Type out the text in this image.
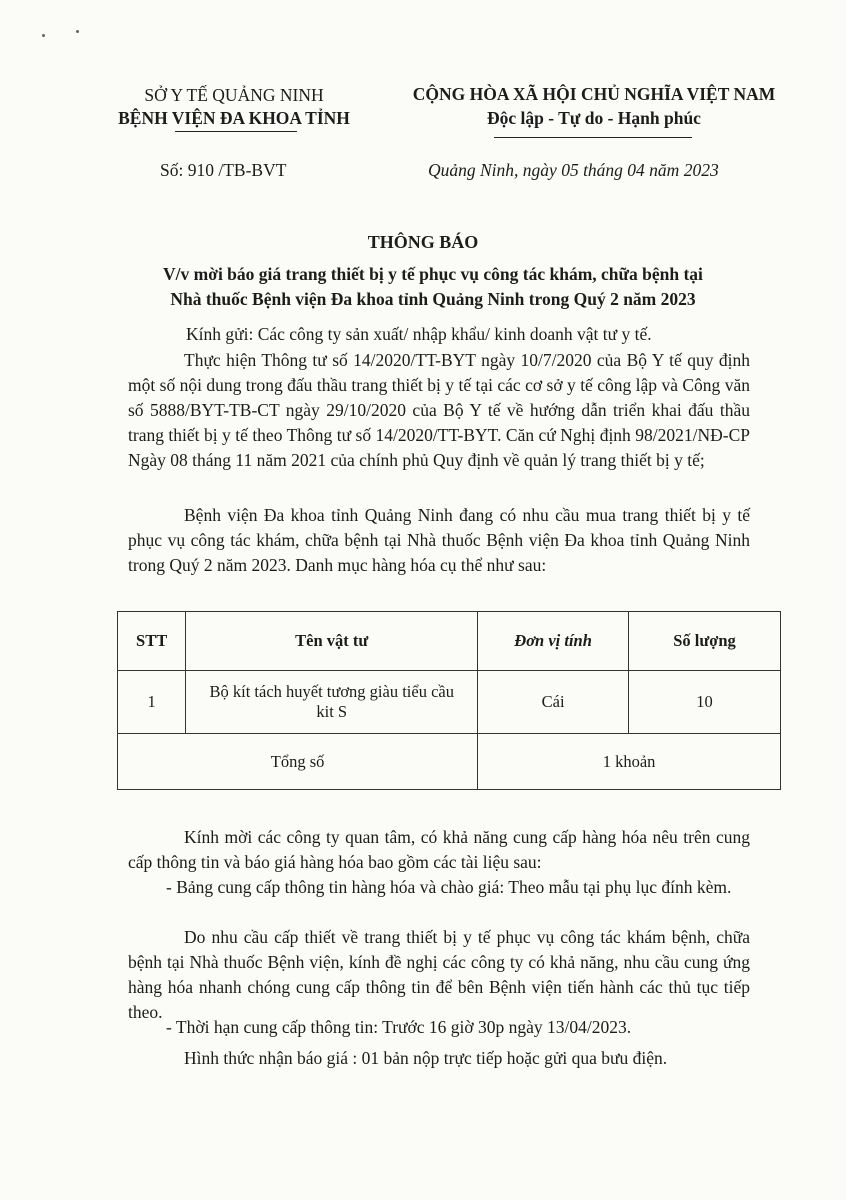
SỞ Y TẾ QUẢNG NINH
BỆNH VIỆN ĐA KHOA TỈNH
CỘNG HÒA XÃ HỘI CHỦ NGHĨA VIỆT NAM
Độc lập - Tự do - Hạnh phúc
Số: 910 /TB-BVT	Quảng Ninh, ngày 05 tháng 04 năm 2023
THÔNG BÁO
V/v mời báo giá trang thiết bị y tế phục vụ công tác khám, chữa bệnh tại
Nhà thuốc Bệnh viện Đa khoa tỉnh Quảng Ninh trong Quý 2 năm 2023
Kính gửi: Các công ty sản xuất/ nhập khẩu/ kinh doanh vật tư y tế.
Thực hiện Thông tư số 14/2020/TT-BYT ngày 10/7/2020 của Bộ Y tế quy định một số nội dung trong đấu thầu trang thiết bị y tế tại các cơ sở y tế công lập và Công văn số 5888/BYT-TB-CT ngày 29/10/2020 của Bộ Y tế về hướng dẫn triển khai đấu thầu trang thiết bị y tế theo Thông tư số 14/2020/TT-BYT. Căn cứ Nghị định 98/2021/NĐ-CP Ngày 08 tháng 11 năm 2021 của chính phủ Quy định về quản lý trang thiết bị y tế;
Bệnh viện Đa khoa tỉnh Quảng Ninh đang có nhu cầu mua trang thiết bị y tế phục vụ công tác khám, chữa bệnh tại Nhà thuốc Bệnh viện Đa khoa tỉnh Quảng Ninh trong Quý 2 năm 2023. Danh mục hàng hóa cụ thể như sau:
STT	Tên vật tư	Đơn vị tính	Số lượng
1	Bộ kít tách huyết tương giàu tiểu cầu
kit S	Cái	10
Tổng số		1 khoản	
Kính mời các công ty quan tâm, có khả năng cung cấp hàng hóa nêu trên cung cấp thông tin và báo giá hàng hóa bao gồm các tài liệu sau:
- Bảng cung cấp thông tin hàng hóa và chào giá: Theo mẫu tại phụ lục đính kèm.
Do nhu cầu cấp thiết về trang thiết bị y tế phục vụ công tác khám bệnh, chữa bệnh tại Nhà thuốc Bệnh viện, kính đề nghị các công ty có khả năng, nhu cầu cung ứng hàng hóa nhanh chóng cung cấp thông tin để bên Bệnh viện tiến hành các thủ tục tiếp theo.
- Thời hạn cung cấp thông tin: Trước 16 giờ 30p ngày 13/04/2023.
Hình thức nhận báo giá : 01 bản nộp trực tiếp hoặc gửi qua bưu điện.
